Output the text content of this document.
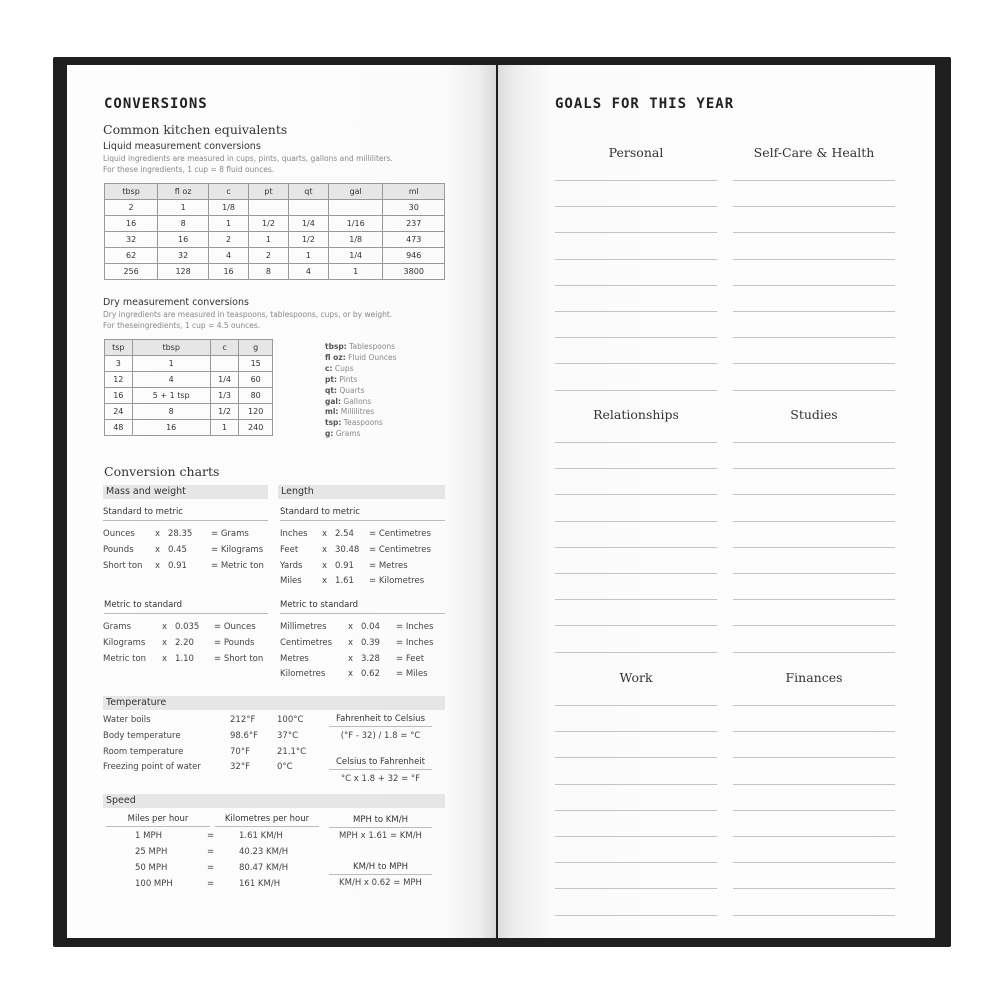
CONVERSIONS
Common kitchen equivalents
Liquid measurement conversions
Liquid ingredients are measured in cups, pints, quarts, gallons and milliliters.
For these ingredients, 1 cup = 8 fluid ounces.
tbsp	fl oz	c	pt	qt	gal	ml
2	1	1/8				30
16	8	1	1/2	1/4	1/16	237
32	16	2	1	1/2	1/8	473
62	32	4	2	1	1/4	946
256	128	16	8	4	1	3800
Dry measurement conversions
Dry ingredients are measured in teaspoons, tablespoons, cups, or by weight.
For theseingredients, 1 cup = 4.5 ounces.
tsp	tbsp	c	g
3	1		15
12	4	1/4	60
16	5 + 1 tsp	1/3	80
24	8	1/2	120
48	16	1	240
tbsp: Tablespoons
fl oz: Fluid Ounces
c: Cups
pt: Pints
qt: Quarts
gal: Gallons
ml: Millilitres
tsp: Teaspoons
g: Grams
Conversion charts
Mass and weight
Standard to metric
Ounces x 28.35 = Grams
Pounds	x 0.45	= Kilograms
Short ton x 0.91	= Metric ton
Metric to standard
Grams	x 0.035 = Ounces
Kilograms x 2.20 = Pounds
Metric ton x 1.10 = Short ton
Length
Standard to metric
Inches x 2.54 = Centimetres
Feet	x 30.48 = Centimetres
Yards x 0.91 = Metres
Miles x 1.61 = Kilometres
Metric to standard
Millimetres	x 0.04 = Inches
Centimetres x 0.39 = Inches
Metres	x 3.28 = Feet
Kilometres	x 0.62 = Miles
Temperature
Water boils	212°F	100°C
Body temperature	98.6°F 37°C
Room temperature	70°F	21.1°C
Freezing point of water	32°F	0°C
Fahrenheit to Celsius
(°F - 32) / 1.8 = °C
Celsius to Fahrenheit
°C x 1.8 + 32 = °F
Speed
Miles per hour	Kilometres per hour
1 MPH	=	1.61 KM/H
25 MPH	=	40.23 KM/H
50 MPH	=	80.47 KM/H
100 MPH	=	161 KM/H
MPH to KM/H
MPH x 1.61 = KM/H
KM/H to MPH
KM/H x 0.62 = MPH
GOALS FOR THIS YEAR
Personal	Self-Care & Health
Relationships	Studies
Work	Finances
